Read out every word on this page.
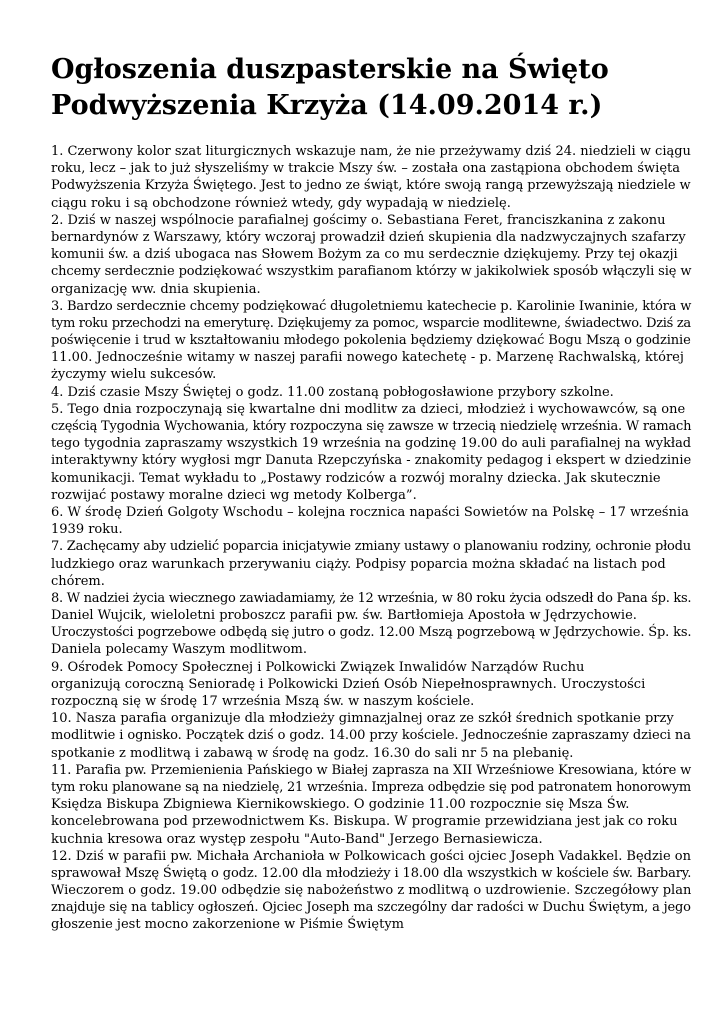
Ogłoszenia duszpasterskie na Święto
Podwyższenia Krzyża (14.09.2014 r.)
1. Czerwony kolor szat liturgicznych wskazuje nam, że nie przeżywamy dziś 24. niedzieli w ciągu
roku, lecz – jak to już słyszeliśmy w trakcie Mszy św. – została ona zastąpiona obchodem święta
Podwyższenia Krzyża Świętego. Jest to jedno ze świąt, które swoją rangą przewyższają niedziele w
ciągu roku i są obchodzone również wtedy, gdy wypadają w niedzielę.
2. Dziś w naszej wspólnocie parafialnej gościmy o. Sebastiana Feret, franciszkanina z zakonu
bernardynów z Warszawy, który wczoraj prowadził dzień skupienia dla nadzwyczajnych szafarzy
komunii św. a dziś ubogaca nas Słowem Bożym za co mu serdecznie dziękujemy. Przy tej okazji
chcemy serdecznie podziękować wszystkim parafianom którzy w jakikolwiek sposób włączyli się w
organizację ww. dnia skupienia.
3. Bardzo serdecznie chcemy podziękować długoletniemu katechecie p. Karolinie Iwaninie, która w
tym roku przechodzi na emeryturę. Dziękujemy za pomoc, wsparcie modlitewne, świadectwo. Dziś za
poświęcenie i trud w kształtowaniu młodego pokolenia będziemy dziękować Bogu Mszą o godzinie
11.00. Jednocześnie witamy w naszej parafii nowego katechetę - p. Marzenę Rachwalską, której
życzymy wielu sukcesów.
4. Dziś czasie Mszy Świętej o godz. 11.00 zostaną pobłogosławione przybory szkolne.
5. Tego dnia rozpoczynają się kwartalne dni modlitw za dzieci, młodzież i wychowawców, są one
częścią Tygodnia Wychowania, który rozpoczyna się zawsze w trzecią niedzielę września. W ramach
tego tygodnia zapraszamy wszystkich 19 września na godzinę 19.00 do auli parafialnej na wykład
interaktywny który wygłosi mgr Danuta Rzepczyńska - znakomity pedagog i ekspert w dziedzinie
komunikacji. Temat wykładu to „Postawy rodziców a rozwój moralny dziecka. Jak skutecznie
rozwijać postawy moralne dzieci wg metody Kolberga”.
6. W środę Dzień Golgoty Wschodu – kolejna rocznica napaści Sowietów na Polskę – 17 września
1939 roku.
7. Zachęcamy aby udzielić poparcia inicjatywie zmiany ustawy o planowaniu rodziny, ochronie płodu
ludzkiego oraz warunkach przerywaniu ciąży. Podpisy poparcia można składać na listach pod
chórem.
8. W nadziei życia wiecznego zawiadamiamy, że 12 września, w 80 roku życia odszedł do Pana śp. ks.
Daniel Wujcik, wieloletni proboszcz parafii pw. św. Bartłomieja Apostoła w Jędrzychowie.
Uroczystości pogrzebowe odbędą się jutro o godz. 12.00 Mszą pogrzebową w Jędrzychowie. Śp. ks.
Daniela polecamy Waszym modlitwom.
9. Ośrodek Pomocy Społecznej i Polkowicki Związek Inwalidów Narządów Ruchu
organizują coroczną Senioradę i Polkowicki Dzień Osób Niepełnosprawnych. Uroczystości
rozpoczną się w środę 17 września Mszą św. w naszym kościele.
10. Nasza parafia organizuje dla młodzieży gimnazjalnej oraz ze szkół średnich spotkanie przy
modlitwie i ognisko. Początek dziś o godz. 14.00 przy kościele. Jednocześnie zapraszamy dzieci na
spotkanie z modlitwą i zabawą w środę na godz. 16.30 do sali nr 5 na plebanię.
11. Parafia pw. Przemienienia Pańskiego w Białej zaprasza na XII Wrześniowe Kresowiana, które w
tym roku planowane są na niedzielę, 21 września. Impreza odbędzie się pod patronatem honorowym
Księdza Biskupa Zbigniewa Kiernikowskiego. O godzinie 11.00 rozpocznie się Msza Św.
koncelebrowana pod przewodnictwem Ks. Biskupa. W programie przewidziana jest jak co roku
kuchnia kresowa oraz występ zespołu "Auto-Band" Jerzego Bernasiewicza.
12. Dziś w parafii pw. Michała Archanioła w Polkowicach gości ojciec Joseph Vadakkel. Będzie on
sprawował Mszę Świętą o godz. 12.00 dla młodzieży i 18.00 dla wszystkich w kościele św. Barbary.
Wieczorem o godz. 19.00 odbędzie się nabożeństwo z modlitwą o uzdrowienie. Szczegółowy plan
znajduje się na tablicy ogłoszeń. Ojciec Joseph ma szczególny dar radości w Duchu Świętym, a jego
głoszenie jest mocno zakorzenione w Piśmie Świętym
